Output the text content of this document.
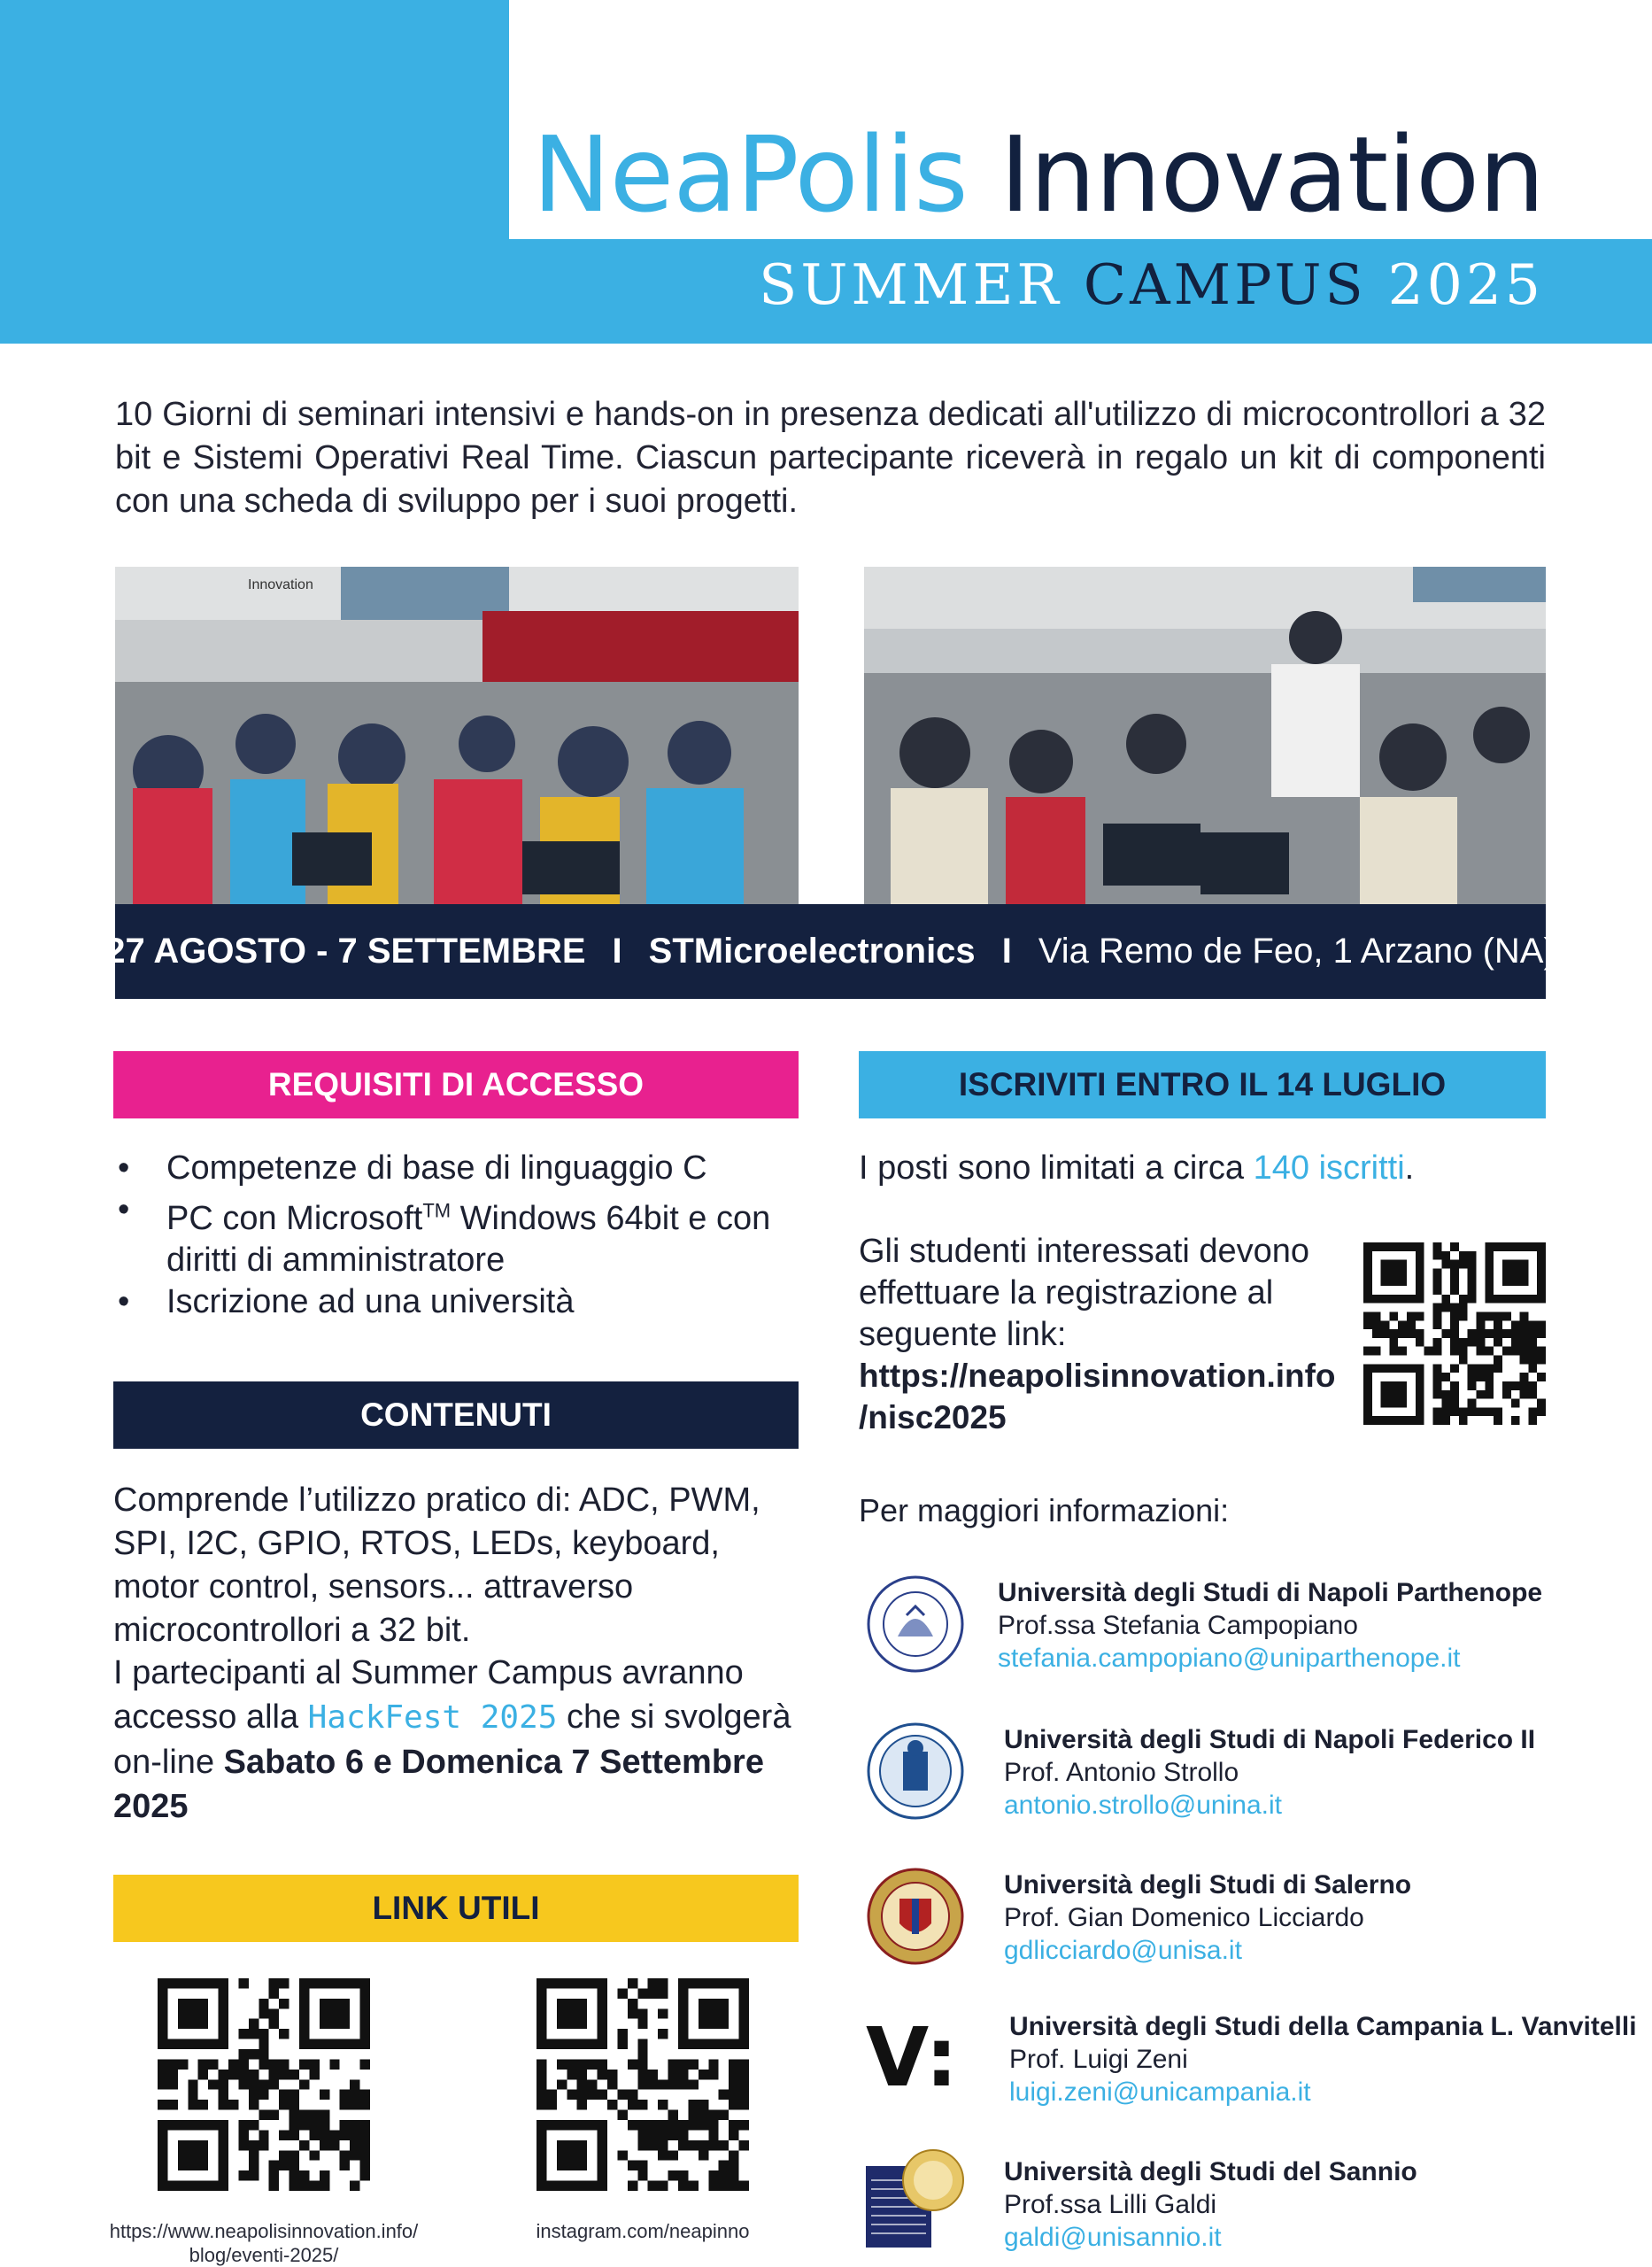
NeaPolis Innovation
SUMMER CAMPUS 2025

10 Giorni di seminari intensivi e hands-on in presenza dedicati all'utilizzo di microcontrollori a 32 bit e Sistemi Operativi Real Time. Ciascun partecipante riceverà in regalo un kit di componenti con una scheda di sviluppo per i suoi progetti.

Innovation
27 AGOSTO - 7 SETTEMBRE I STMicroelectronics I Via Remo de Feo, 1 Arzano (NA)
REQUISITI DI ACCESSO
• Competenze di base di linguaggio C
• PC con Microsoft™ Windows 64bit e con diritti di amministratore
• Iscrizione ad una università
ISCRIVITI ENTRO IL 14 LUGLIO
I posti sono limitati a circa 140 iscritti.

Gli studenti interessati devono effettuare la registrazione al seguente link:

https://neapolisinnovation.info
/nisc2025
CONTENUTI

Comprende l’utilizzo pratico di: ADC, PWM, SPI, I2C, GPIO, RTOS, LEDs, keyboard, motor control, sensors... attraverso microcontrollori a 32 bit.

I partecipanti al Summer Campus avranno accesso alla HackFest 2025 che si svolgerà on-line Sabato 6 e Domenica 7 Settembre 2025

LINK UTILI
https://www.neapolisinnovation.info/
blog/eventi-2025/
instagram.com/neapinno
Per maggiori informazioni:
Università degli Studi di Napoli Parthenope
Prof.ssa Stefania Campopiano
stefania.campopiano@uniparthenope.it
Università degli Studi di Napoli Federico II
Prof. Antonio Strollo
antonio.strollo@unina.it
Università degli Studi di Salerno
Prof. Gian Domenico Licciardo
gdlicciardo@unisa.it
V: Università degli Studi della Campania L. Vanvitelli
Prof. Luigi Zeni
luigi.zeni@unicampania.it
Università degli Studi del Sannio
Prof.ssa Lilli Galdi
galdi@unisannio.it
